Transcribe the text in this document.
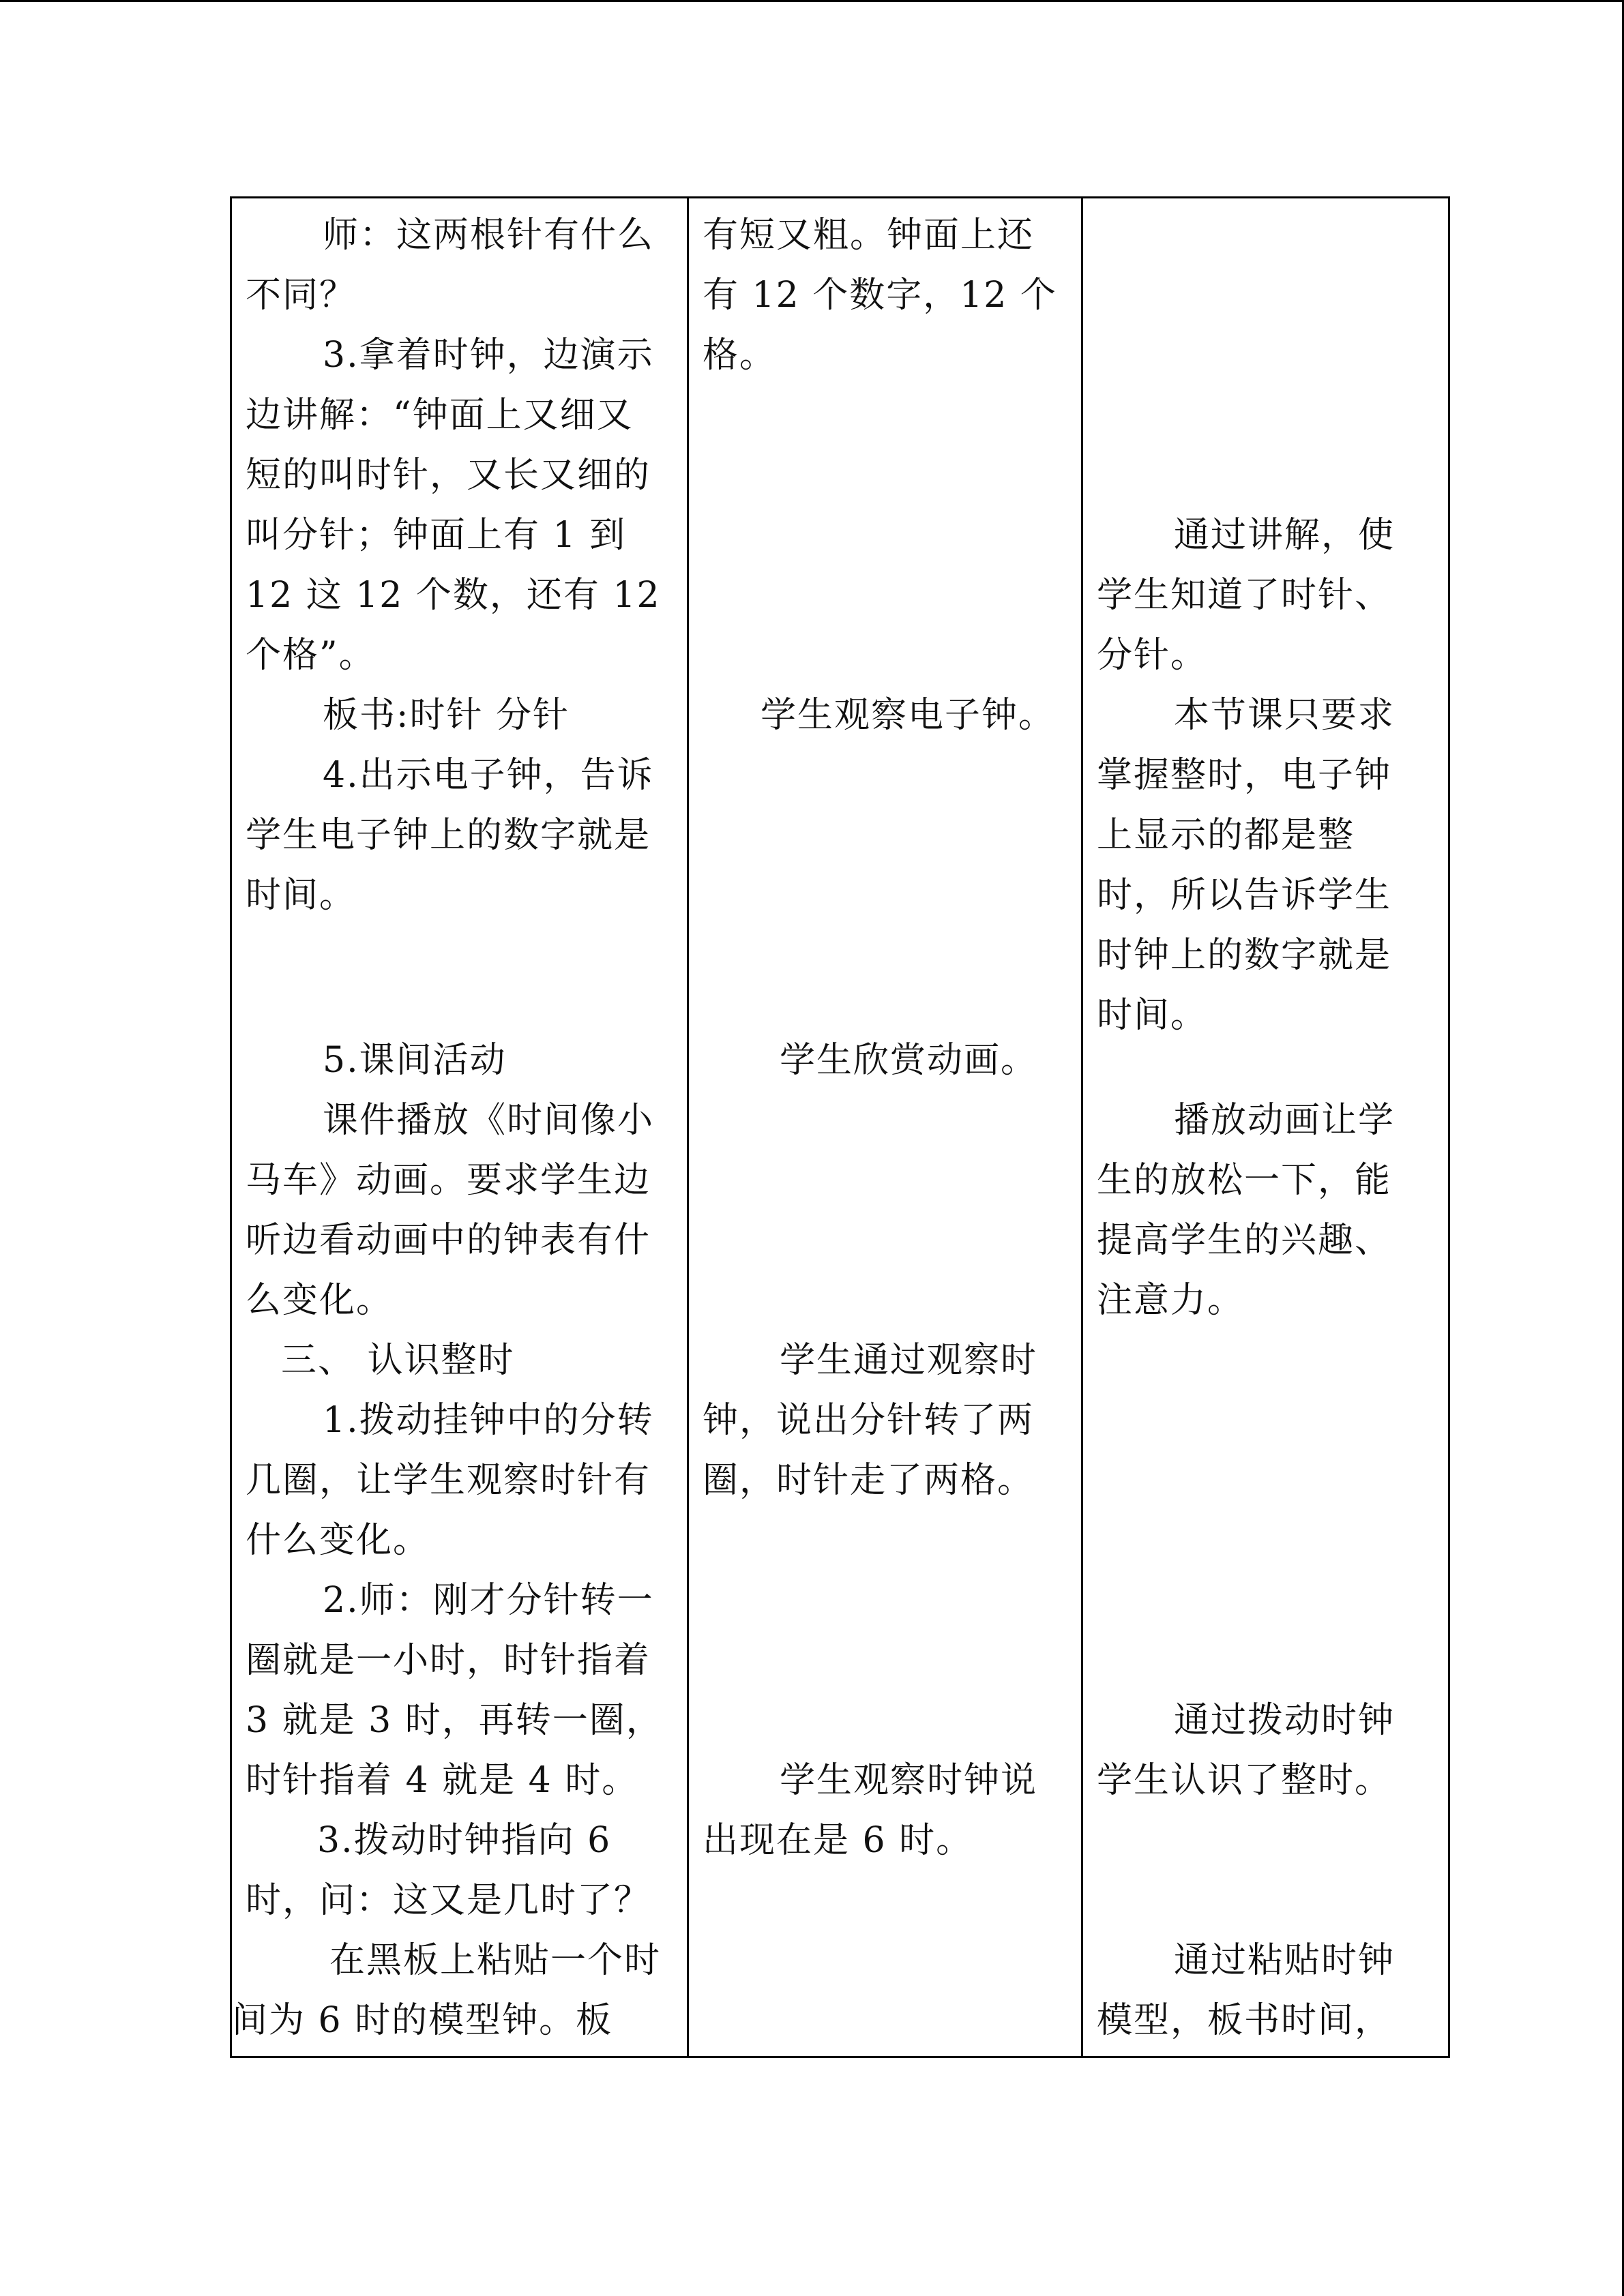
师：这两根针有什么
不同？
3.拿着时钟，边演示
边讲解：“钟面上又细又
短的叫时针，又长又细的
叫分针；钟面上有 1 到
12 这 12 个数，还有 12
个格”。
板书:时针 分针
4.出示电子钟，告诉
学生电子钟上的数字就是
时间。
5.课间活动
课件播放《时间像小
马车》动画。要求学生边
听边看动画中的钟表有什
么变化。
三、 认识整时
1.拨动挂钟中的分转
几圈，让学生观察时针有
什么变化。
2.师：刚才分针转一
圈就是一小时，时针指着
3 就是 3 时，再转一圈，
时针指着 4 就是 4 时。
3.拨动时钟指向 6
时，问：这又是几时了？
在黑板上粘贴一个时
间为 6 时的模型钟。板
有短又粗。钟面上还
有 12 个数字，12 个
格。
学生观察电子钟。
学生欣赏动画。
学生通过观察时
钟，说出分针转了两
圈，时针走了两格。
学生观察时钟说
出现在是 6 时。
通过讲解，使
学生知道了时针、
分针。
本节课只要求
掌握整时，电子钟
上显示的都是整
时，所以告诉学生
时钟上的数字就是
时间。
播放动画让学
生的放松一下，能
提高学生的兴趣、
注意力。
通过拨动时钟
学生认识了整时。
通过粘贴时钟
模型，板书时间，
